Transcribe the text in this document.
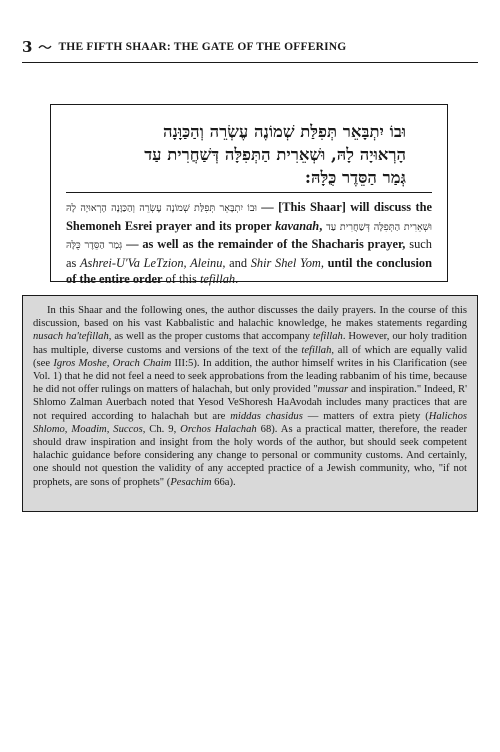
3 THE FIFTH SHAAR: THE GATE OF THE OFFERING
וּבוֹ יִתְבָּאֵר תְּפִלַּת שְׁמוֹנֶה עֶשְׂרֵה וְהַכַּוָּנָה
הָרְאוּיָה לָהּ, וּשְׁאֵרִית הַתְּפִלָּה דְּשַׁחֲרִית עַד
גְּמַר הַסֵּדֶר כֻּלָּהּ:
וּבוֹ יִתְבָּאֵר תְּפִלַּת שְׁמוֹנֶה עֶשְׂרֵה וְהַכַּוָּנָה הָרְאוּיָה לָהּ — [This Shaar] will discuss the Shemoneh Esrei prayer and its proper kavanah, וּשְׁאֵרִית הַתְּפִלָּה דְּשַׁחֲרִית עַד גְּמַר הַסֵּדֶר כֻּלָּהּ — as well as the remainder of the Shacharis prayer, such as Ashrei-U'Va LeTzion, Aleinu, and Shir Shel Yom, until the conclusion of the entire order of this tefillah.
In this Shaar and the following ones, the author discusses the daily prayers. In the course of this discussion, based on his vast Kabbalistic and halachic knowledge, he makes statements regarding nusach ha'tefillah, as well as the proper customs that accompany tefillah. However, our holy tradition has multiple, diverse customs and versions of the text of the tefillah, all of which are equally valid (see Igros Moshe, Orach Chaim III:5). In addition, the author himself writes in his Clarification (see Vol. 1) that he did not feel a need to seek approbations from the leading rabbanim of his time, because he did not offer rulings on matters of halachah, but only provided "mussar and inspiration." Indeed, R' Shlomo Zalman Auerbach noted that Yesod VeShoresh HaAvodah includes many practices that are not required according to halachah but are middas chasidus — matters of extra piety (Halichos Shlomo, Moadim, Succos, Ch. 9, Orchos Halachah 68). As a practical matter, therefore, the reader should draw inspiration and insight from the holy words of the author, but should seek competent halachic guidance before considering any change to personal or community customs. And certainly, one should not question the validity of any accepted practice of a Jewish community, who, "if not prophets, are sons of prophets" (Pesachim 66a).
